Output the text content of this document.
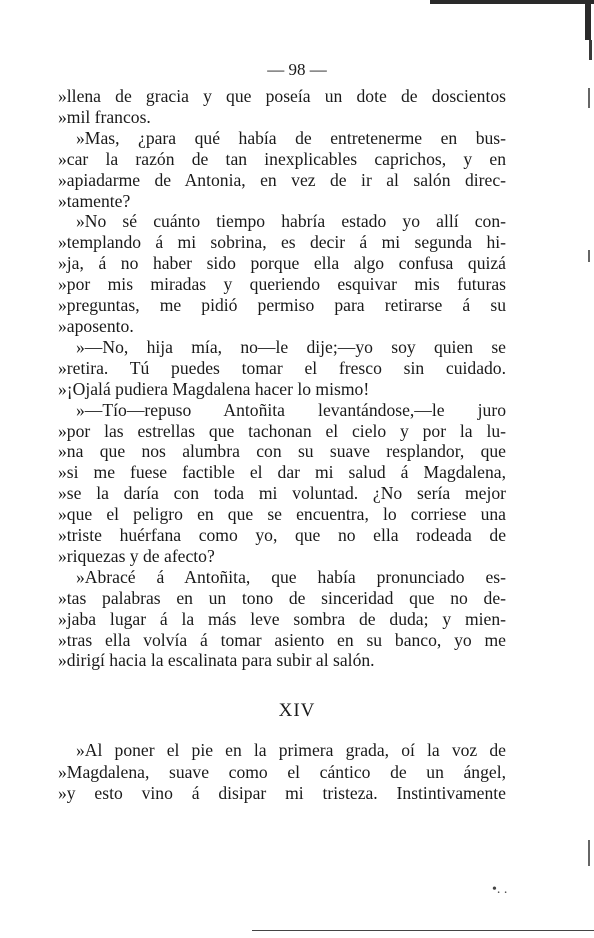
— 98 —
»llena de gracia y que poseía un dote de doscientos
»mil francos.
»Mas, ¿para qué había de entretenerme en bus-
»car la razón de tan inexplicables caprichos, y en
»apiadarme de Antonia, en vez de ir al salón direc-
»tamente?
»No sé cuánto tiempo habría estado yo allí con-
»templando á mi sobrina, es decir á mi segunda hi-
»ja, á no haber sido porque ella algo confusa quizá
»por mis miradas y queriendo esquivar mis futuras
»preguntas, me pidió permiso para retirarse á su
»aposento.
»—No, hija mía, no—le dije;—yo soy quien se
»retira. Tú puedes tomar el fresco sin cuidado.
»¡Ojalá pudiera Magdalena hacer lo mismo!
»—Tío—repuso Antoñita levantándose,—le juro
»por las estrellas que tachonan el cielo y por la lu-
»na que nos alumbra con su suave resplandor, que
»si me fuese factible el dar mi salud á Magdalena,
»se la daría con toda mi voluntad. ¿No sería mejor
»que el peligro en que se encuentra, lo corriese una
»triste huérfana como yo, que no ella rodeada de
»riquezas y de afecto?
»Abracé á Antoñita, que había pronunciado es-
»tas palabras en un tono de sinceridad que no de-
»jaba lugar á la más leve sombra de duda; y mien-
»tras ella volvía á tomar asiento en su banco, yo me
»dirigí hacia la escalinata para subir al salón.
XIV
»Al poner el pie en la primera grada, oí la voz de
»Magdalena, suave como el cántico de un ángel,
»y esto vino á disipar mi tristeza. Instintivamente
•. .
